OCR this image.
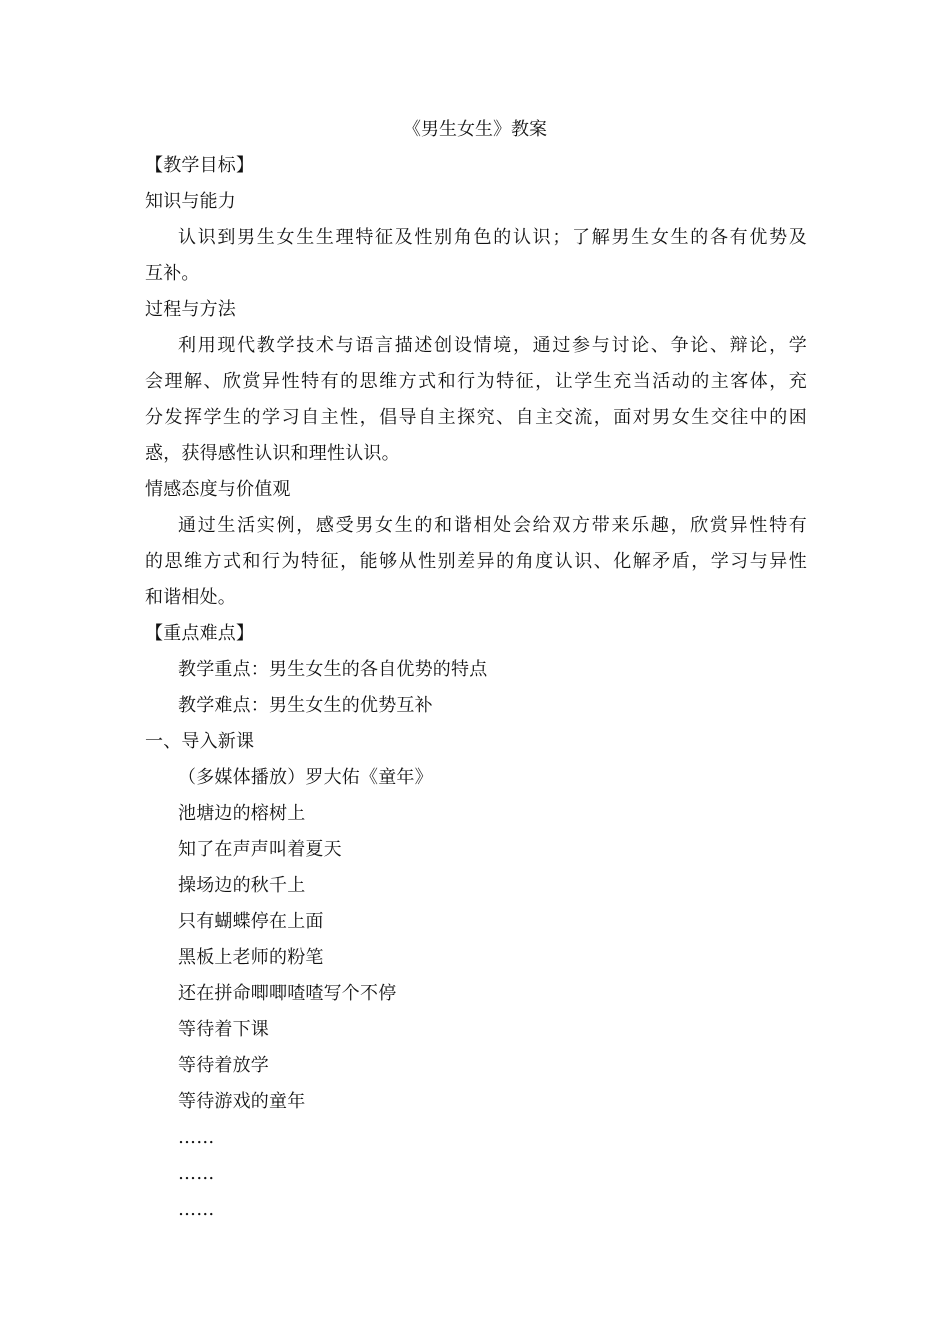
《男生女生》教案
【教学目标】
知识与能力
认识到男生女生生理特征及性别角色的认识；了解男生女生的各有优势及
互补。
过程与方法
利用现代教学技术与语言描述创设情境，通过参与讨论、争论、辩论，学
会理解、欣赏异性特有的思维方式和行为特征，让学生充当活动的主客体，充
分发挥学生的学习自主性，倡导自主探究、自主交流，面对男女生交往中的困
惑，获得感性认识和理性认识。
情感态度与价值观
通过生活实例，感受男女生的和谐相处会给双方带来乐趣，欣赏异性特有
的思维方式和行为特征，能够从性别差异的角度认识、化解矛盾，学习与异性
和谐相处。
【重点难点】
教学重点：男生女生的各自优势的特点
教学难点：男生女生的优势互补
一、导入新课
（多媒体播放）罗大佑《童年》
池塘边的榕树上
知了在声声叫着夏天
操场边的秋千上
只有蝴蝶停在上面
黑板上老师的粉笔
还在拼命唧唧喳喳写个不停
等待着下课
等待着放学
等待游戏的童年
……
……
……
